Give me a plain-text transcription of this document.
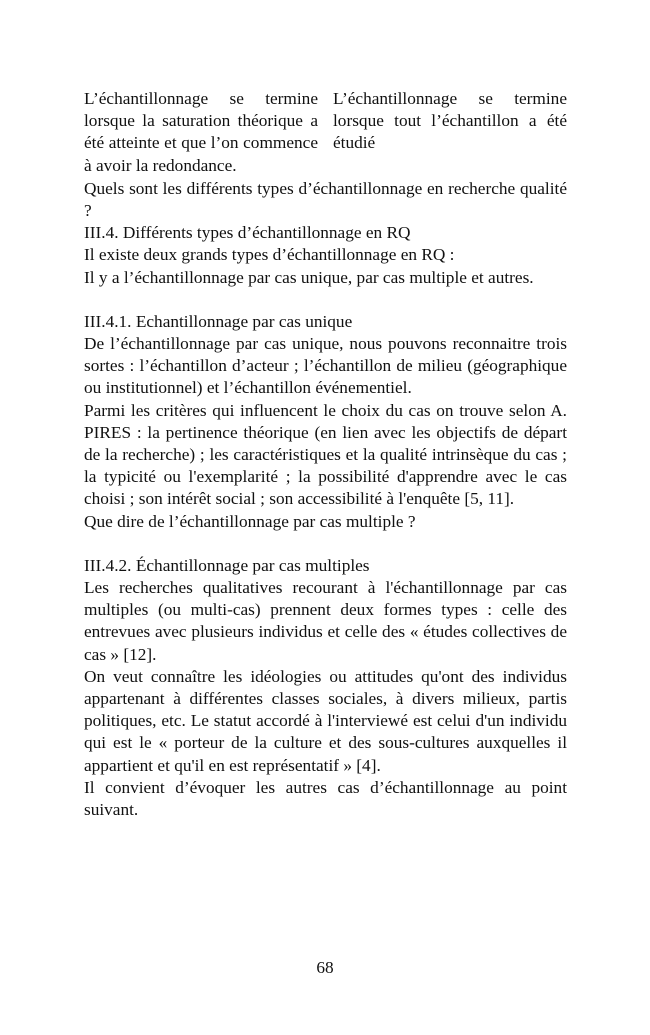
L’échantillonnage se termine lorsque la saturation théorique a été atteinte et que l’on commence à avoir la redondance.
L’échantillonnage se termine lorsque tout l’échantillon a été étudié

Quels sont les différents types d’échantillonnage en recherche qualité ?

III.4. Différents types d’échantillonnage en RQ

Il existe deux grands types d’échantillonnage en RQ :

Il y a l’échantillonnage par cas unique, par cas multiple et autres.

III.4.1. Echantillonnage par cas unique

De l’échantillonnage par cas unique, nous pouvons reconnaitre trois sortes : l’échantillon d’acteur ; l’échantillon de milieu (géographique ou institutionnel) et l’échantillon événementiel.

Parmi les critères qui influencent le choix du cas on trouve selon A. PIRES : la pertinence théorique (en lien avec les objectifs de départ de la recherche) ; les caractéristiques et la qualité intrinsèque du cas ; la typicité ou l'exemplarité ; la possibilité d'apprendre avec le cas choisi ; son intérêt social ; son accessibilité à l'enquête [5, 11].

Que dire de l’échantillonnage par cas multiple ?

III.4.2. Échantillonnage par cas multiples

Les recherches qualitatives recourant à l'échantillonnage par cas multiples (ou multi-cas) prennent deux formes types : celle des entrevues avec plusieurs individus et celle des « études collectives de cas » [12].

On veut connaître les idéologies ou attitudes qu'ont des individus appartenant à différentes classes sociales, à divers milieux, partis politiques, etc. Le statut accordé à l'interviewé est celui d'un individu qui est le « porteur de la culture et des sous-cultures auxquelles il appartient et qu'il en est représentatif » [4].

Il convient d’évoquer les autres cas d’échantillonnage au point suivant.

68
